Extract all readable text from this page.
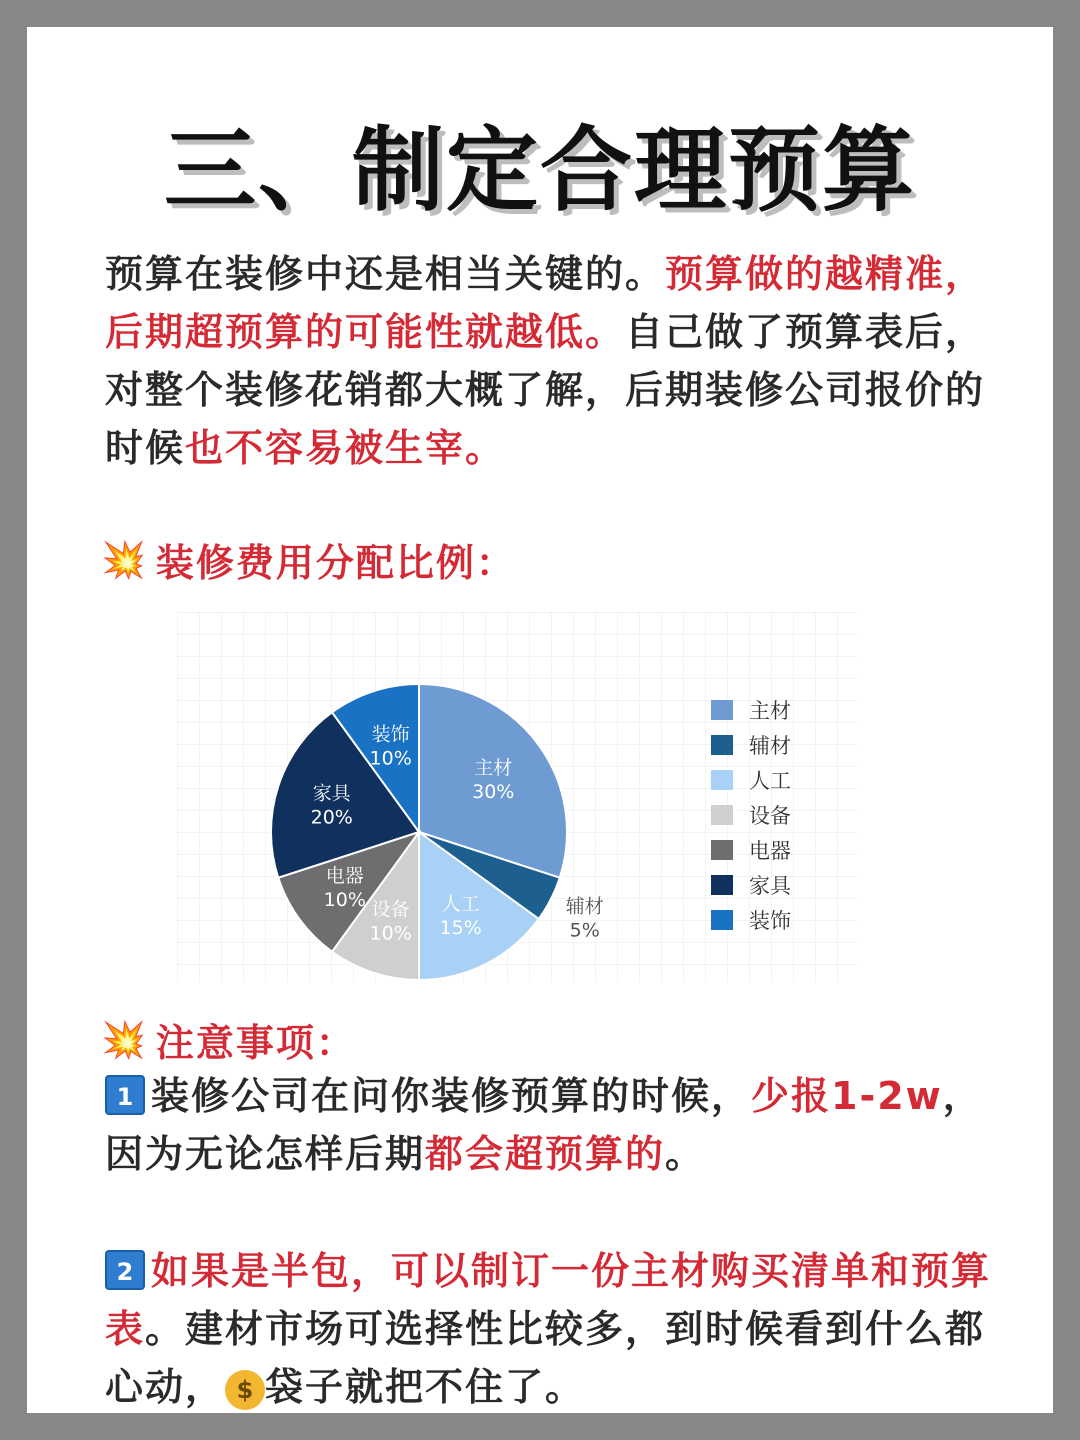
三、制定合理预算
预算在装修中还是相当关键的。预算做的越精准，后期超预算的可能性就越低。自己做了预算表后，对整个装修花销都大概了解，后期装修公司报价的时候也不容易被生宰。
💥 装修费用分配比例：
主材
30%
辅材
5%
人工
15%
设备
10%
电器
10%
家具
20%
装饰
10%
主材
辅材
人工
设备
电器
家具
装饰
💥 注意事项：
1 装修公司在问你装修预算的时候，少报1-2w，因为无论怎样后期都会超预算的。
2 如果是半包，可以制订一份主材购买清单和预算表。建材市场可选择性比较多，到时候看到什么都心动， $ 袋子就把不住了。
